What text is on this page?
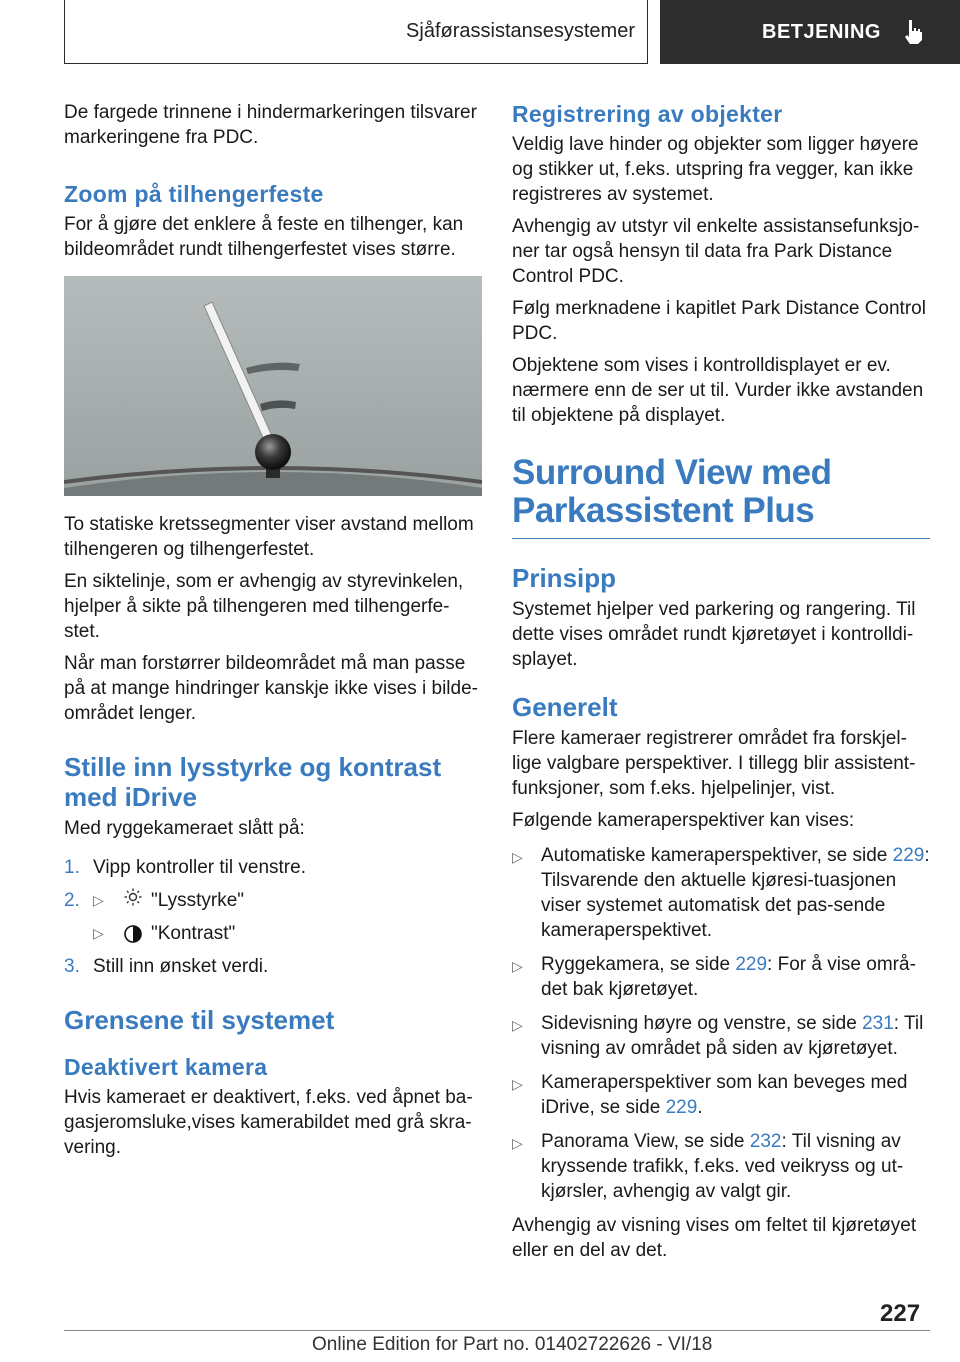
Sjåførassistansesystemer	BETJENING

De fargede trinnene i hindermarkeringen tilsvarer markeringene fra PDC.

Zoom på tilhengerfeste

For å gjøre det enklere å feste en tilhenger, kan bildeområdet rundt tilhengerfestet vises større.

To statiske kretssegmenter viser avstand mellom tilhengeren og tilhengerfestet.

En siktelinje, som er avhengig av styrevinkelen, hjelper å sikte på tilhengeren med tilhengerfe‐stet.

Når man forstørrer bildeområdet må man passe på at mange hindringer kanskje ikke vises i bilde‐området lenger.

Stille inn lysstyrke og kontrast med iDrive

Med ryggekameraet slått på:

1. Vipp kontroller til venstre.
2. ▷	"Lysstyrke"
▷	"Kontrast"
3. Still inn ønsket verdi.
Grensene til systemet
Deaktivert kamera

Hvis kameraet er deaktivert, f.eks. ved åpnet ba‐gasjeromsluke,vises kamerabildet med grå skra‐vering.

Registrering av objekter

Veldig lave hinder og objekter som ligger høyere og stikker ut, f.eks. utspring fra vegger, kan ikke registreres av systemet.

Avhengig av utstyr vil enkelte assistansefunksjo‐ner tar også hensyn til data fra Park Distance Control PDC.

Følg merknadene i kapitlet Park Distance Control PDC.

Objektene som vises i kontrolldisplayet er ev. nærmere enn de ser ut til. Vurder ikke avstanden til objektene på displayet.

Surround View med Parkassistent Plus
Prinsipp

Systemet hjelper ved parkering og rangering. Til dette vises området rundt kjøretøyet i kontrolldi‐splayet.

Generelt

Flere kameraer registrerer området fra forskjel‐lige valgbare perspektiver. I tillegg blir assistent‐funksjoner, som f.eks. hjelpelinjer, vist.

Følgende kameraperspektiver kan vises:

▷ Automatiske kameraperspektiver, se side 229: Tilsvarende den aktuelle kjøresi‐tuasjonen viser systemet automatisk det pas‐sende kameraperspektivet.
▷ Ryggekamera, se side 229: For å vise områ‐det bak kjøretøyet.
▷ Sidevisning høyre og venstre, se side 231: Til visning av området på siden av kjøretøyet.
▷ Kameraperspektiver som kan beveges med iDrive, se side 229.
▷ Panorama View, se side 232: Til visning av kryssende trafikk, f.eks. ved veikryss og ut‐kjørsler, avhengig av valgt gir.

Avhengig av visning vises om feltet til kjøretøyet eller en del av det.

227
Online Edition for Part no. 01402722626 - VI/18
